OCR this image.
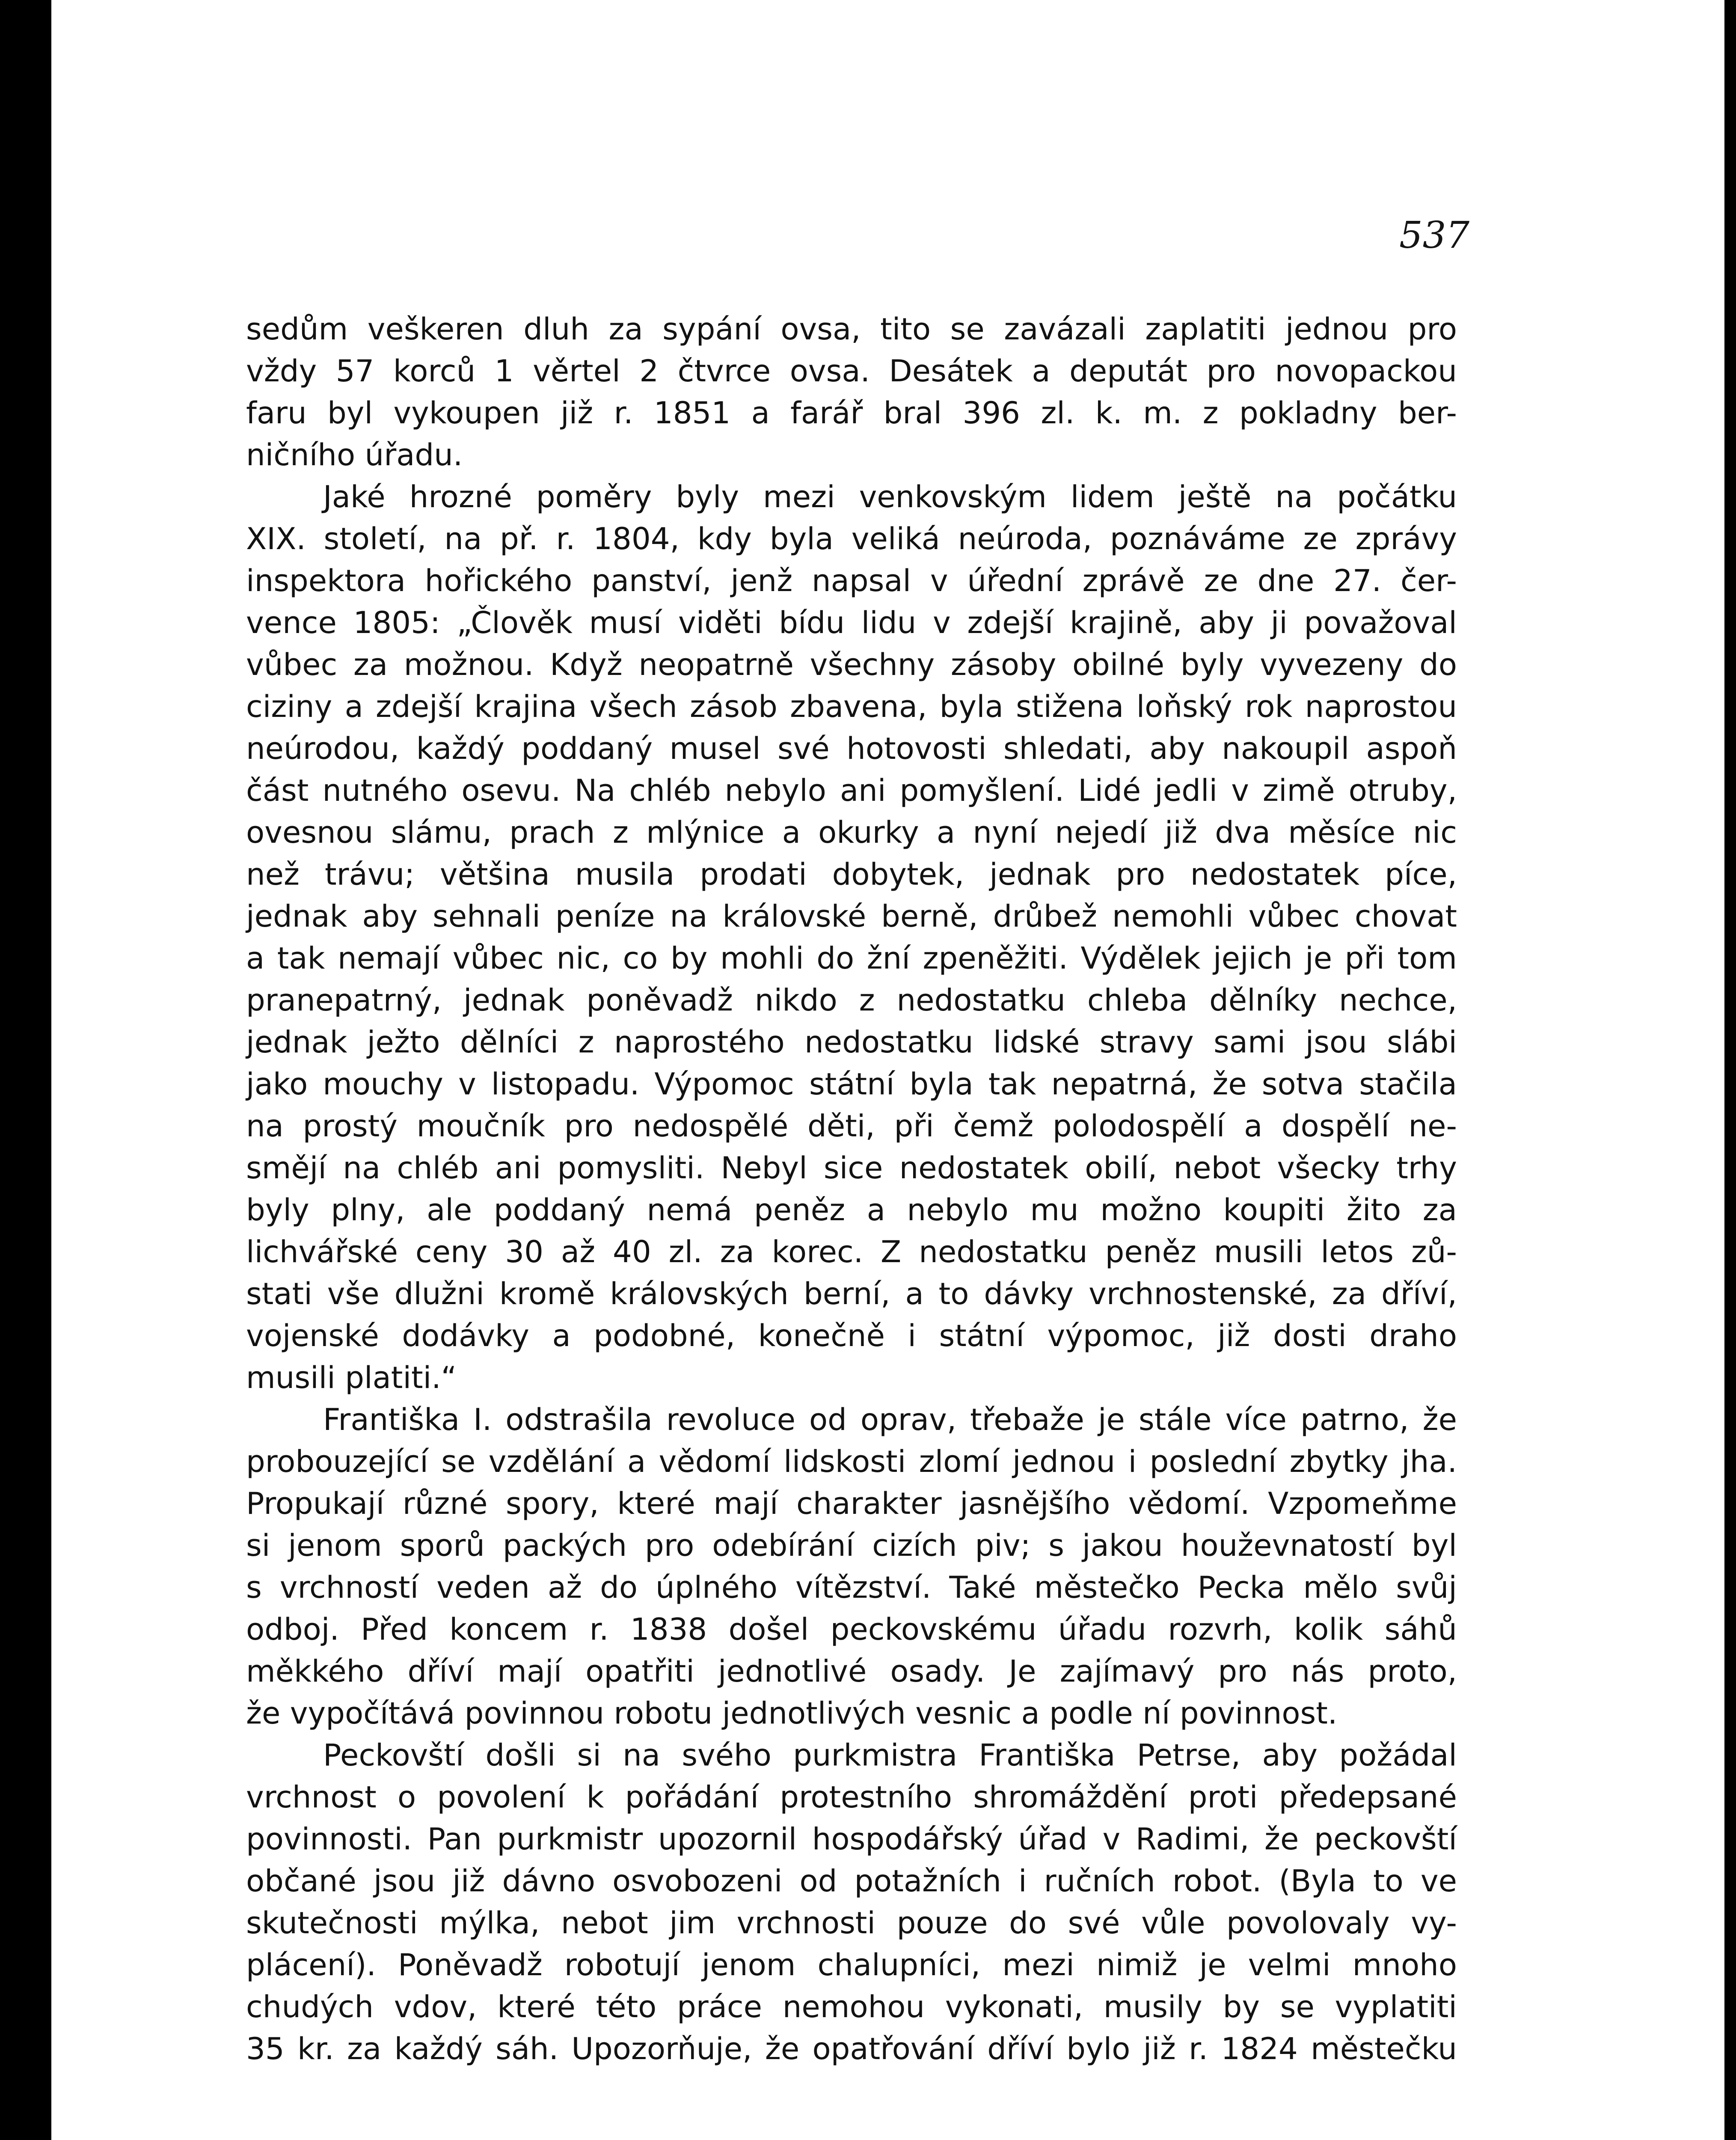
537
sedům veškeren dluh za sypání ovsa, tito se zavázali zaplatiti jednou pro
vždy 57 korců 1 věrtel 2 čtvrce ovsa. Desátek a deputát pro novopackou
faru byl vykoupen již r. 1851 a farář bral 396 zl. k. m. z pokladny ber-
ničního úřadu.
Jaké hrozné poměry byly mezi venkovským lidem ještě na počátku
XIX. století, na př. r. 1804, kdy byla veliká neúroda, poznáváme ze zprávy
inspektora hořického panství, jenž napsal v úřední zprávě ze dne 27. čer-
vence 1805: „Člověk musí viděti bídu lidu v zdejší krajině, aby ji považoval
vůbec za možnou. Když neopatrně všechny zásoby obilné byly vyvezeny do
ciziny a zdejší krajina všech zásob zbavena, byla stižena loňský rok naprostou
neúrodou, každý poddaný musel své hotovosti shledati, aby nakoupil aspoň
část nutného osevu. Na chléb nebylo ani pomyšlení. Lidé jedli v zimě otruby,
ovesnou slámu, prach z mlýnice a okurky a nyní nejedí již dva měsíce nic
než trávu; většina musila prodati dobytek, jednak pro nedostatek píce,
jednak aby sehnali peníze na královské berně, drůbež nemohli vůbec chovat
a tak nemají vůbec nic, co by mohli do žní zpeněžiti. Výdělek jejich je při tom
pranepatrný, jednak poněvadž nikdo z nedostatku chleba dělníky nechce,
jednak ježto dělníci z naprostého nedostatku lidské stravy sami jsou slábi
jako mouchy v listopadu. Výpomoc státní byla tak nepatrná, že sotva stačila
na prostý moučník pro nedospělé děti, při čemž polodospělí a dospělí ne-
smějí na chléb ani pomysliti. Nebyl sice nedostatek obilí, nebot všecky trhy
byly plny, ale poddaný nemá peněz a nebylo mu možno koupiti žito za
lichvářské ceny 30 až 40 zl. za korec. Z nedostatku peněz musili letos zů-
stati vše dlužni kromě královských berní, a to dávky vrchnostenské, za dříví,
vojenské dodávky a podobné, konečně i státní výpomoc, již dosti draho
musili platiti.“
Františka I. odstrašila revoluce od oprav, třebaže je stále více patrno, že
probouzející se vzdělání a vědomí lidskosti zlomí jednou i poslední zbytky jha.
Propukají různé spory, které mají charakter jasnějšího vědomí. Vzpomeňme
si jenom sporů packých pro odebírání cizích piv; s jakou houževnatostí byl
s vrchností veden až do úplného vítězství. Také městečko Pecka mělo svůj
odboj. Před koncem r. 1838 došel peckovskému úřadu rozvrh, kolik sáhů
měkkého dříví mají opatřiti jednotlivé osady. Je zajímavý pro nás proto,
že vypočítává povinnou robotu jednotlivých vesnic a podle ní povinnost.
Peckovští došli si na svého purkmistra Františka Petrse, aby požádal
vrchnost o povolení k pořádání protestního shromáždění proti předepsané
povinnosti. Pan purkmistr upozornil hospodářský úřad v Radimi, že peckovští
občané jsou již dávno osvobozeni od potažních i ručních robot. (Byla to ve
skutečnosti mýlka, nebot jim vrchnosti pouze do své vůle povolovaly vy-
plácení). Poněvadž robotují jenom chalupníci, mezi nimiž je velmi mnoho
chudých vdov, které této práce nemohou vykonati, musily by se vyplatiti
35 kr. za každý sáh. Upozorňuje, že opatřování dříví bylo již r. 1824 městečku
